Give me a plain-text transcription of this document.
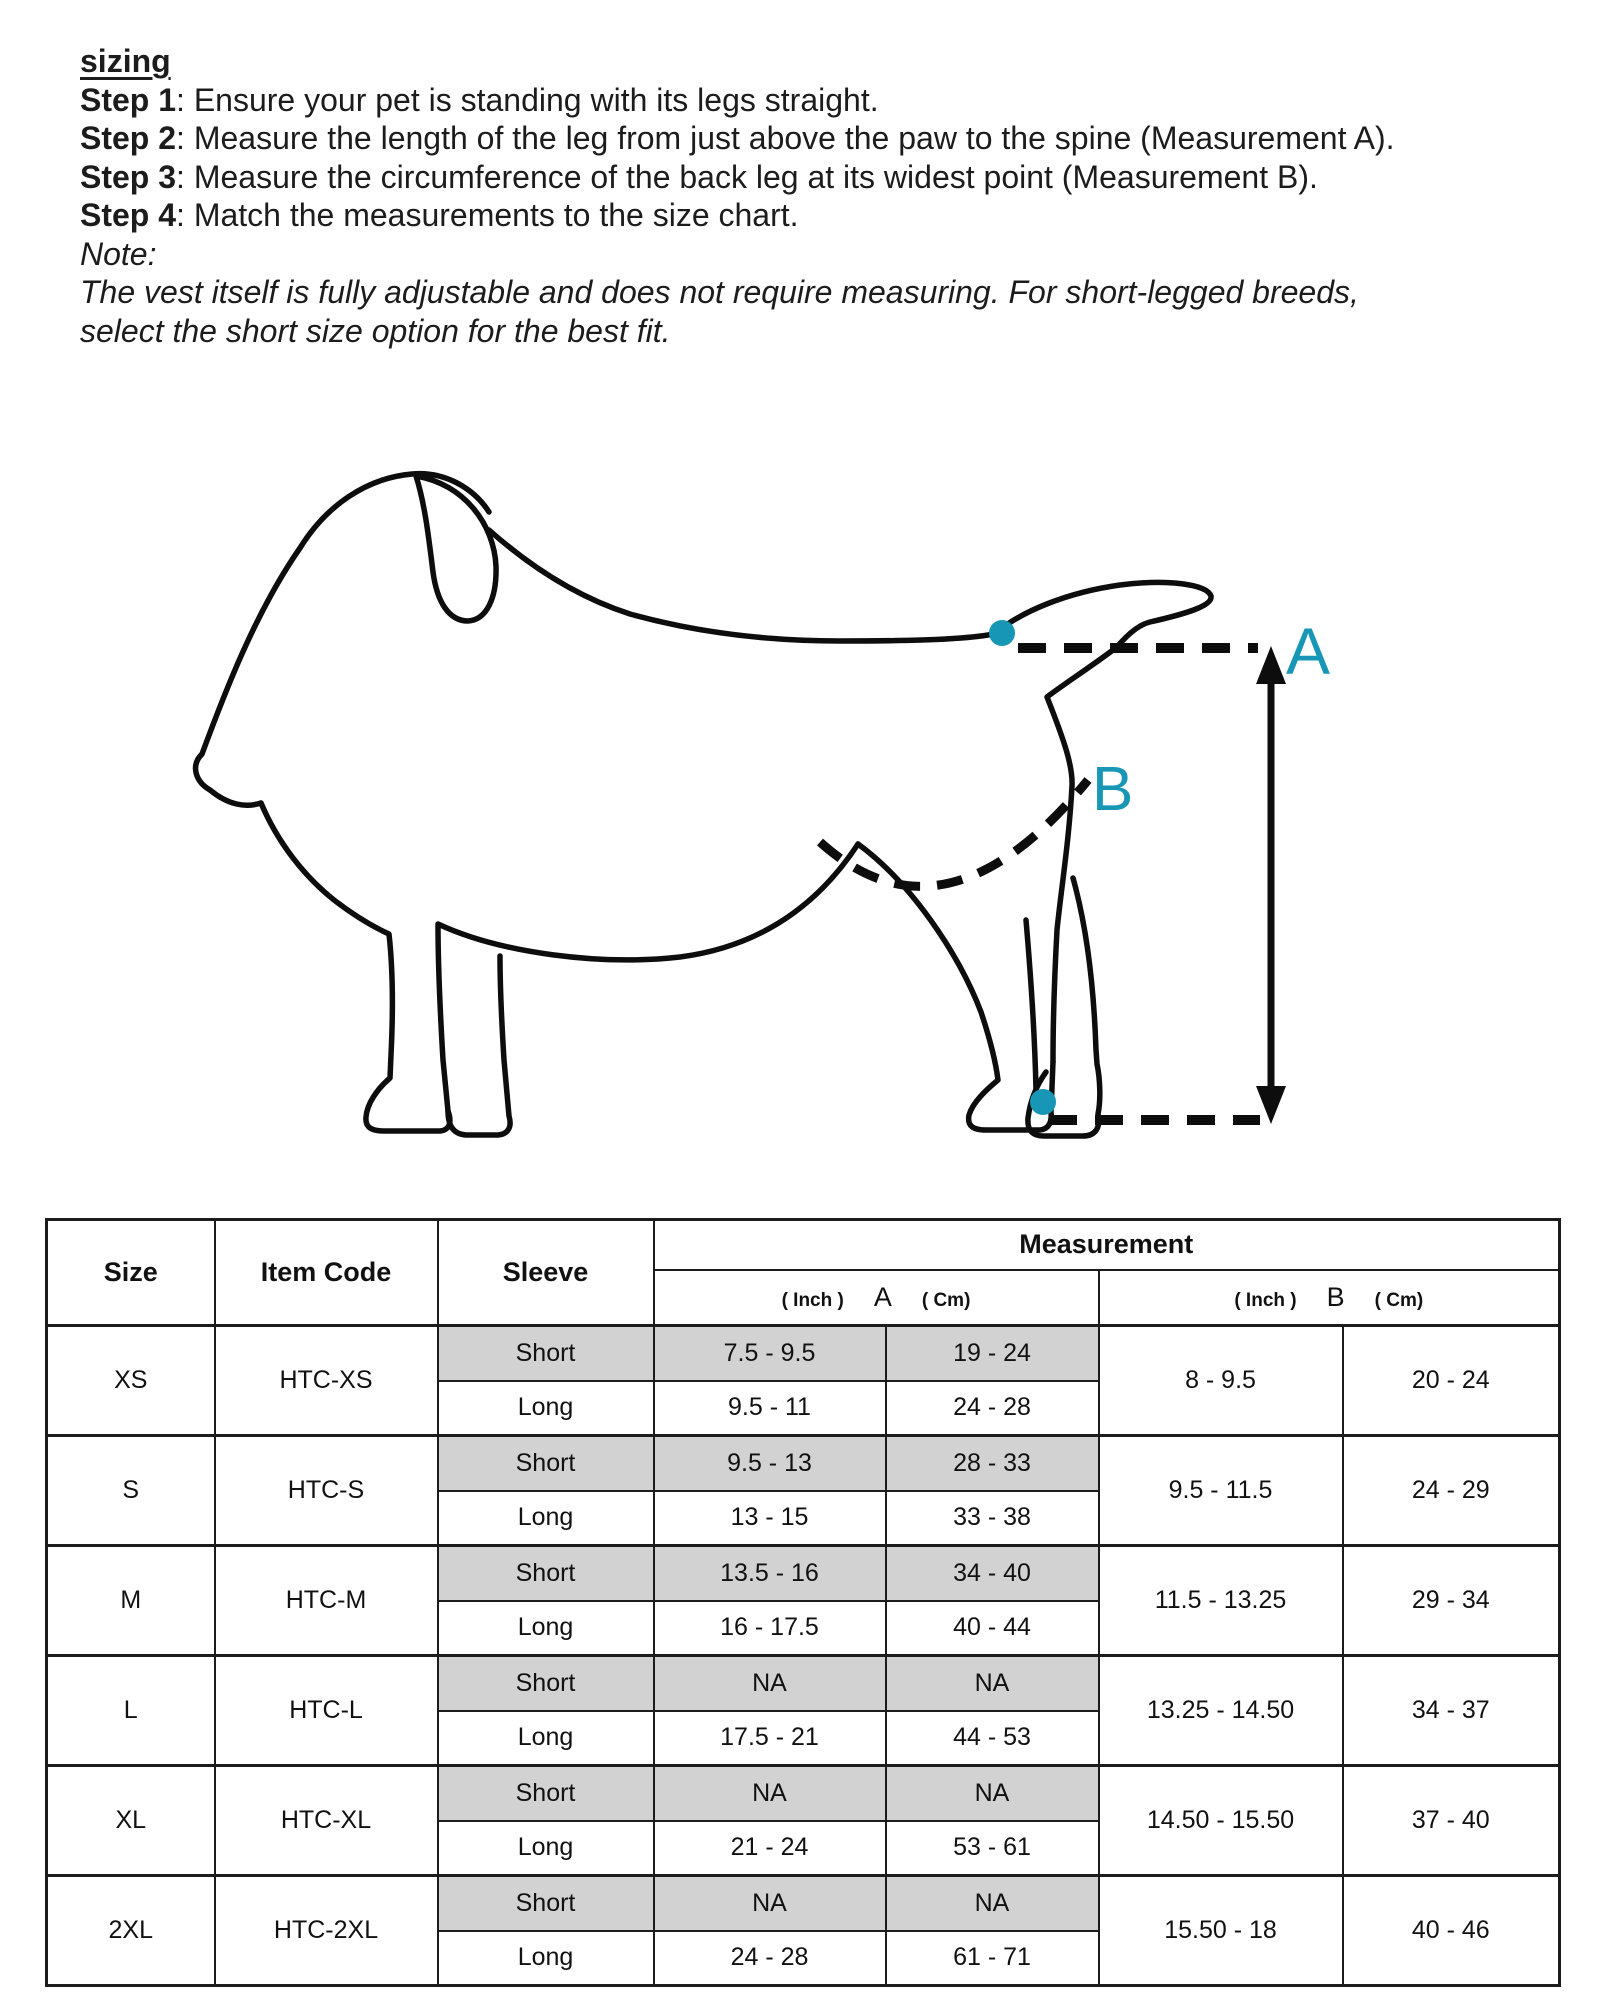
sizing
Step 1: Ensure your pet is standing with its legs straight.
Step 2: Measure the length of the leg from just above the paw to the spine (Measurement A).
Step 3: Measure the circumference of the back leg at its widest point (Measurement B).
Step 4: Match the measurements to the size chart.
Note:
The vest itself is fully adjustable and does not require measuring. For short-legged breeds,
select the short size option for the best fit.
A
B
Size	Item Code	Sleeve	Measurement			

			( Inch ) A ( Cm)		( Inch ) B ( Cm)	

XS	HTC-XS	Short	7.5 - 9.5	19 - 24	8 - 9.5	20 - 24
		Long	9.5 - 11	24 - 28		
S	HTC-S	Short	9.5 - 13	28 - 33	9.5 - 11.5	24 - 29
		Long	13 - 15	33 - 38		
M	HTC-M	Short	13.5 - 16	34 - 40	11.5 - 13.25	29 - 34
		Long	16 - 17.5	40 - 44		
L	HTC-L	Short	NA	NA	13.25 - 14.50	34 - 37
		Long	17.5 - 21	44 - 53		
XL	HTC-XL	Short	NA	NA	14.50 - 15.50	37 - 40
		Long	21 - 24	53 - 61		
2XL	HTC-2XL	Short	NA	NA	15.50 - 18	40 - 46
		Long	24 - 28	61 - 71		
